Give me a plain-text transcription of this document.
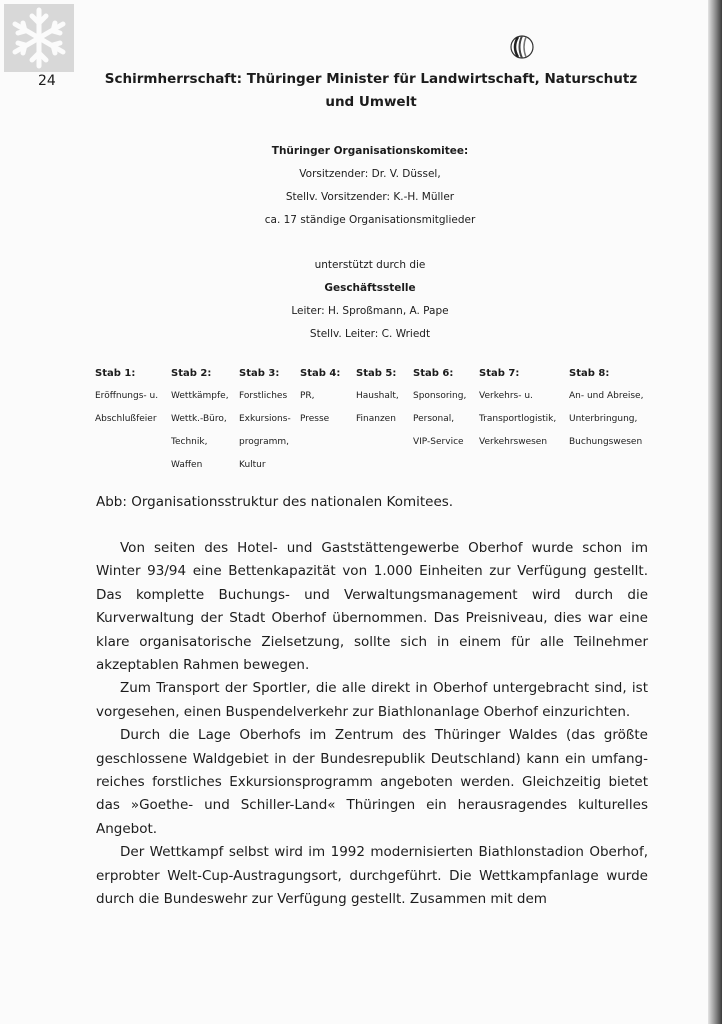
24	Schirmherrschaft: Thüringer Minister für Landwirtschaft, Naturschutz und Umwelt
Thüringer Organisationskomitee:
Vorsitzender: Dr. V. Düssel,
Stellv. Vorsitzender: K.-H. Müller
ca. 17 ständige Organisationsmitglieder
unterstützt durch die
Geschäftsstelle
Leiter: H. Sproßmann, A. Pape
Stellv. Leiter: C. Wriedt
Stab 1:
Eröffnungs- u.
Abschlußfeier
Stab 2:
Wettkämpfe,
Wettk.-Büro,
Technik,
Waffen
Stab 3:
Forstliches
Exkursions-
programm,
Kultur
Stab 4:
PR,
Presse
Stab 5:
Haushalt,
Finanzen
Stab 6:
Sponsoring,
Personal,
VIP-Service
Stab 7:
Verkehrs- u.
Transportlogistik,
Verkehrswesen
Stab 8:
An- und Abreise,
Unterbringung,
Buchungswesen
Abb: Organisationsstruktur des nationalen Komitees.

Von seiten des Hotel- und Gaststättengewerbe Oberhof wurde schon im Winter 93/94 eine Bettenkapazität von 1.000 Einheiten zur Verfügung gestellt. Das komplette Buchungs- und Verwaltungsmanagement wird durch die Kurverwaltung der Stadt Oberhof übernommen. Das Preisniveau, dies war eine klare organisatorische Zielsetzung, sollte sich in einem für alle Teilnehmer akzeptablen Rahmen bewegen.

Zum Transport der Sportler, die alle direkt in Oberhof untergebracht sind, ist vorgesehen, einen Buspendelverkehr zur Biathlonanlage Oberhof einzurichten.

Durch die Lage Oberhofs im Zentrum des Thüringer Waldes (das größte geschlossene Waldgebiet in der Bundesrepublik Deutschland) kann ein umfangreiches forstliches Exkursionsprogramm angeboten werden. Gleichzeitig bietet das »Goethe- und Schiller-Land« Thüringen ein herausragendes kulturelles Angebot.

Der Wettkampf selbst wird im 1992 modernisierten Biathlonstadion Oberhof, erprobter Welt-Cup-Austragungsort, durchgeführt. Die Wettkampfanlage wurde durch die Bundeswehr zur Verfügung gestellt. Zusammen mit dem
